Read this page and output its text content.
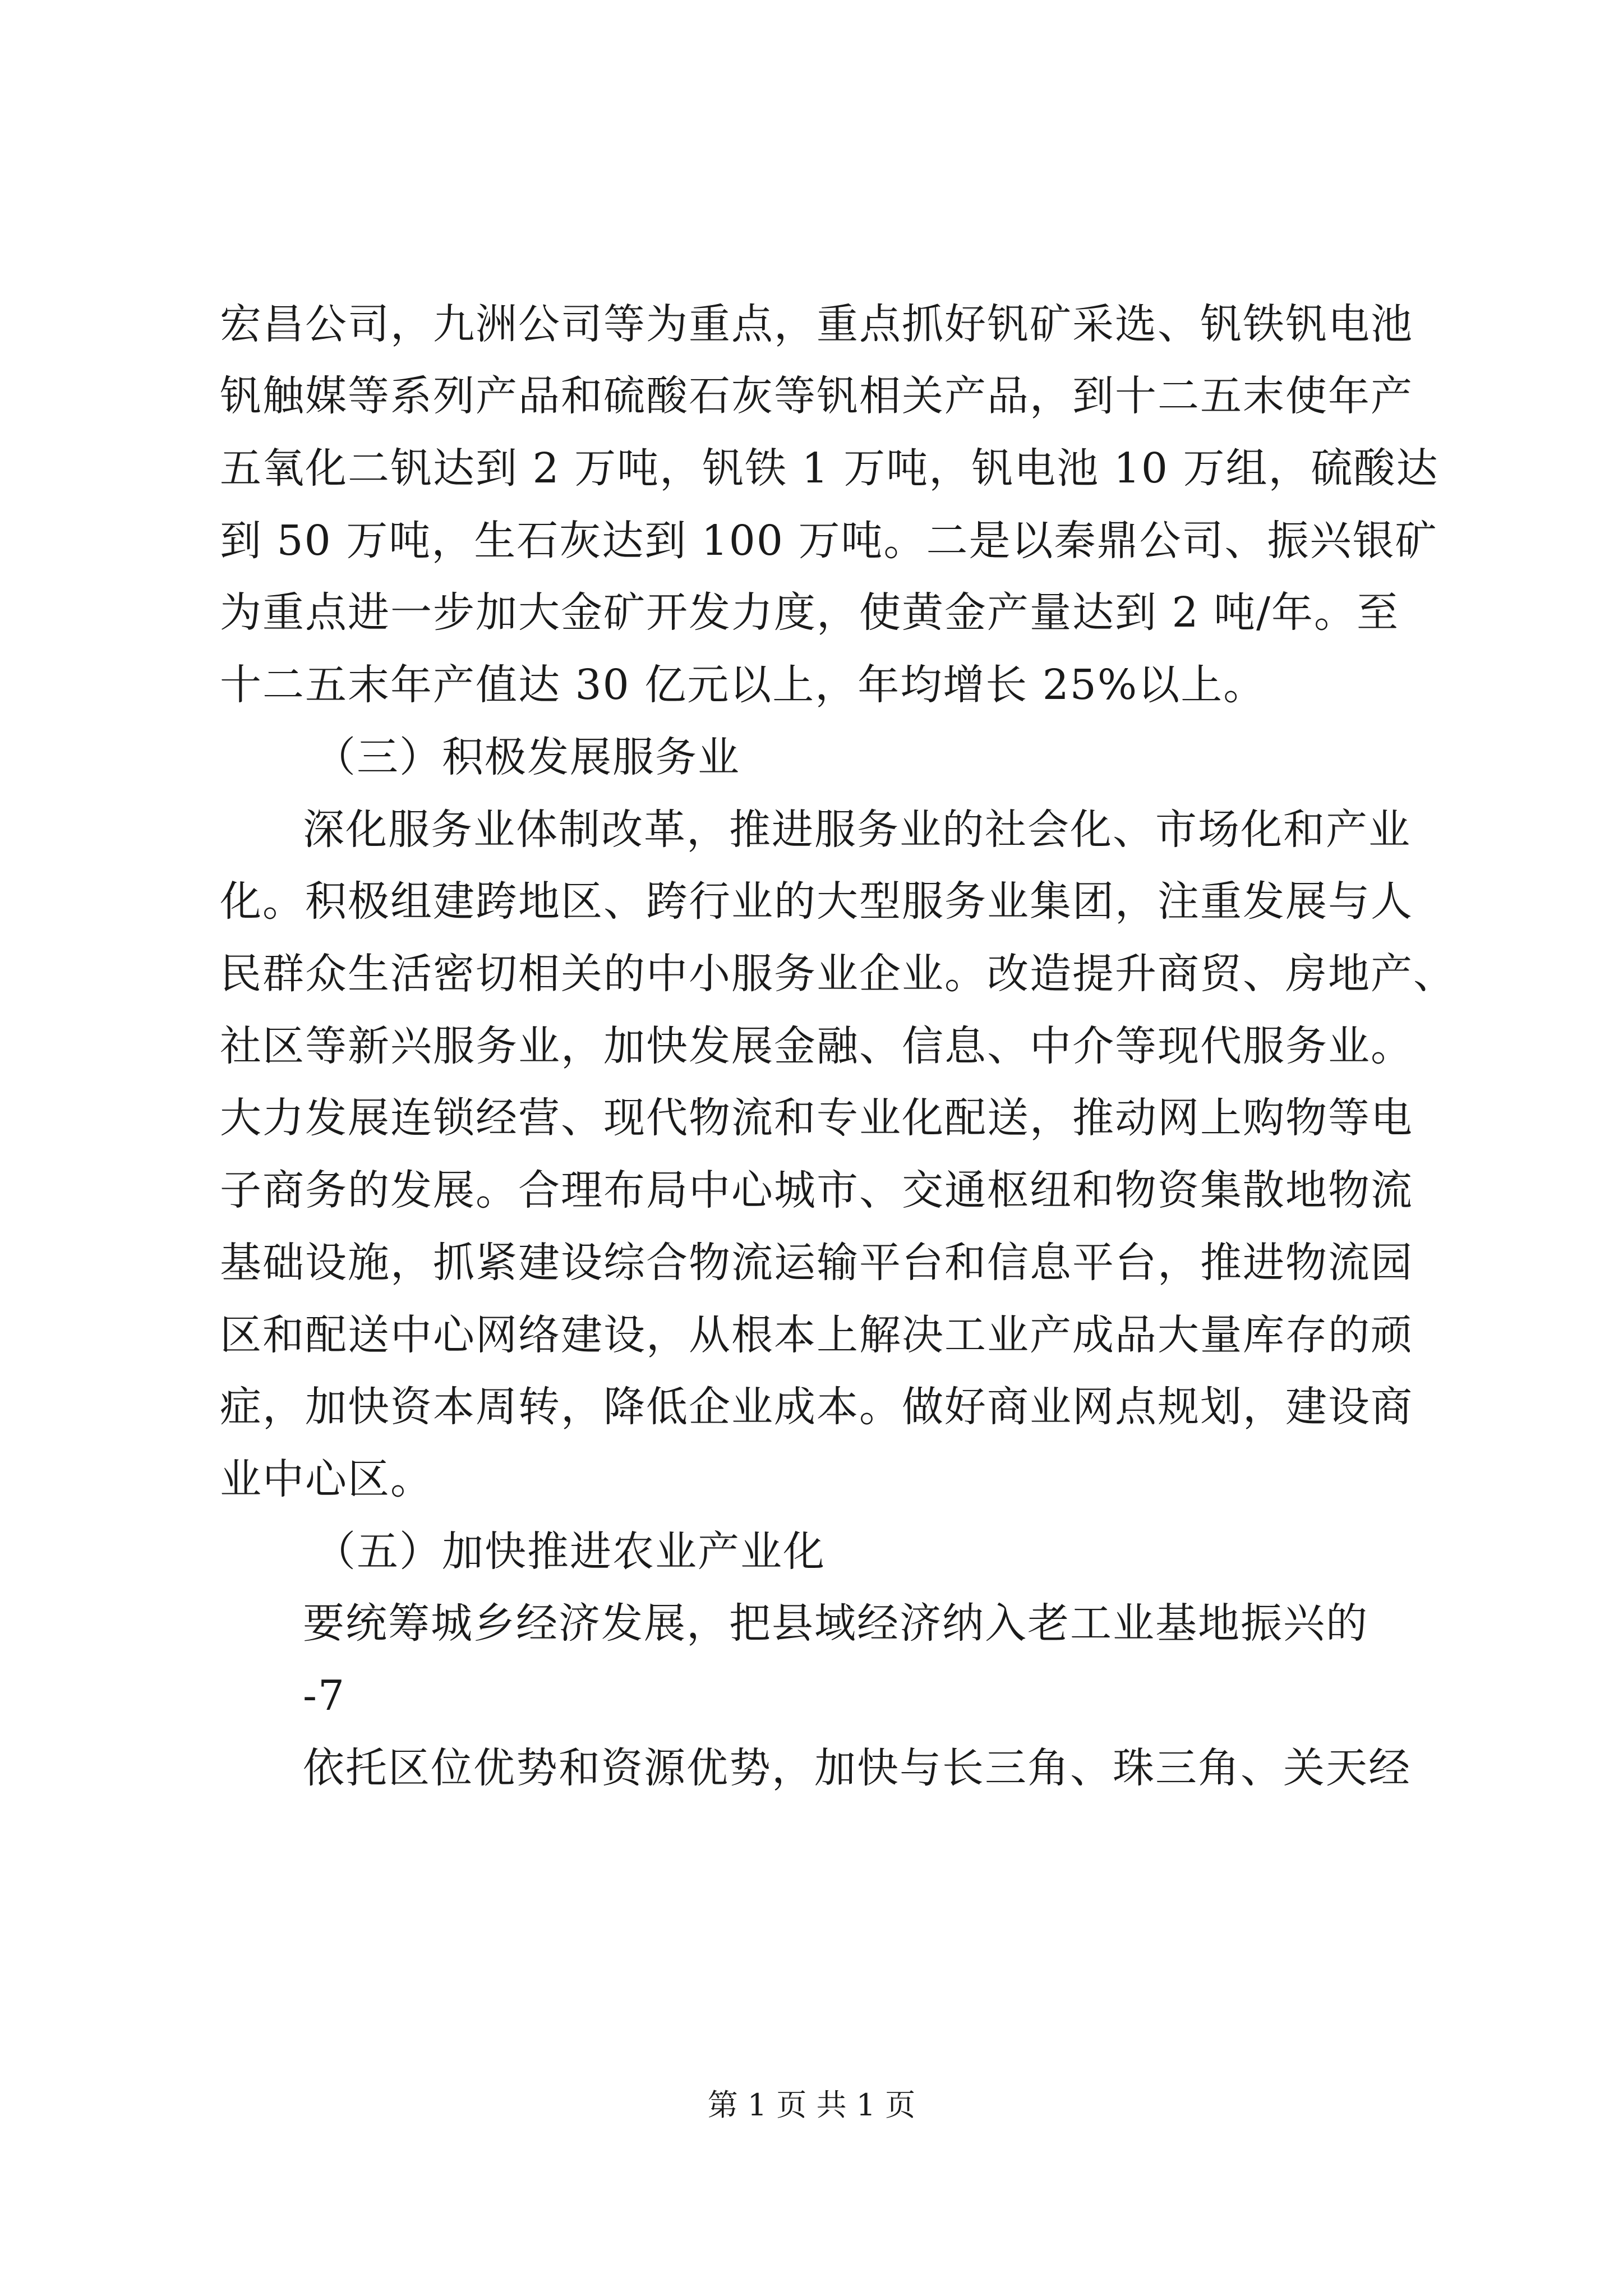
宏昌公司，九洲公司等为重点，重点抓好钒矿采选、钒铁钒电池
钒触媒等系列产品和硫酸石灰等钒相关产品，到十二五末使年产
五氧化二钒达到 2 万吨，钒铁 1 万吨，钒电池 10 万组，硫酸达
到 50 万吨，生石灰达到 100 万吨。二是以秦鼎公司、振兴银矿
为重点进一步加大金矿开发力度，使黄金产量达到 2 吨/年。至
十二五末年产值达 30 亿元以上，年均增长 25%以上。
（三）积极发展服务业
深化服务业体制改革，推进服务业的社会化、市场化和产业
化。积极组建跨地区、跨行业的大型服务业集团，注重发展与人
民群众生活密切相关的中小服务业企业。改造提升商贸、房地产、
社区等新兴服务业，加快发展金融、信息、中介等现代服务业。
大力发展连锁经营、现代物流和专业化配送，推动网上购物等电
子商务的发展。合理布局中心城市、交通枢纽和物资集散地物流
基础设施，抓紧建设综合物流运输平台和信息平台，推进物流园
区和配送中心网络建设，从根本上解决工业产成品大量库存的顽
症，加快资本周转，降低企业成本。做好商业网点规划，建设商
业中心区。
（五）加快推进农业产业化
要统筹城乡经济发展，把县域经济纳入老工业基地振兴的
-7
依托区位优势和资源优势，加快与长三角、珠三角、关天经
第 1 页 共 1 页
